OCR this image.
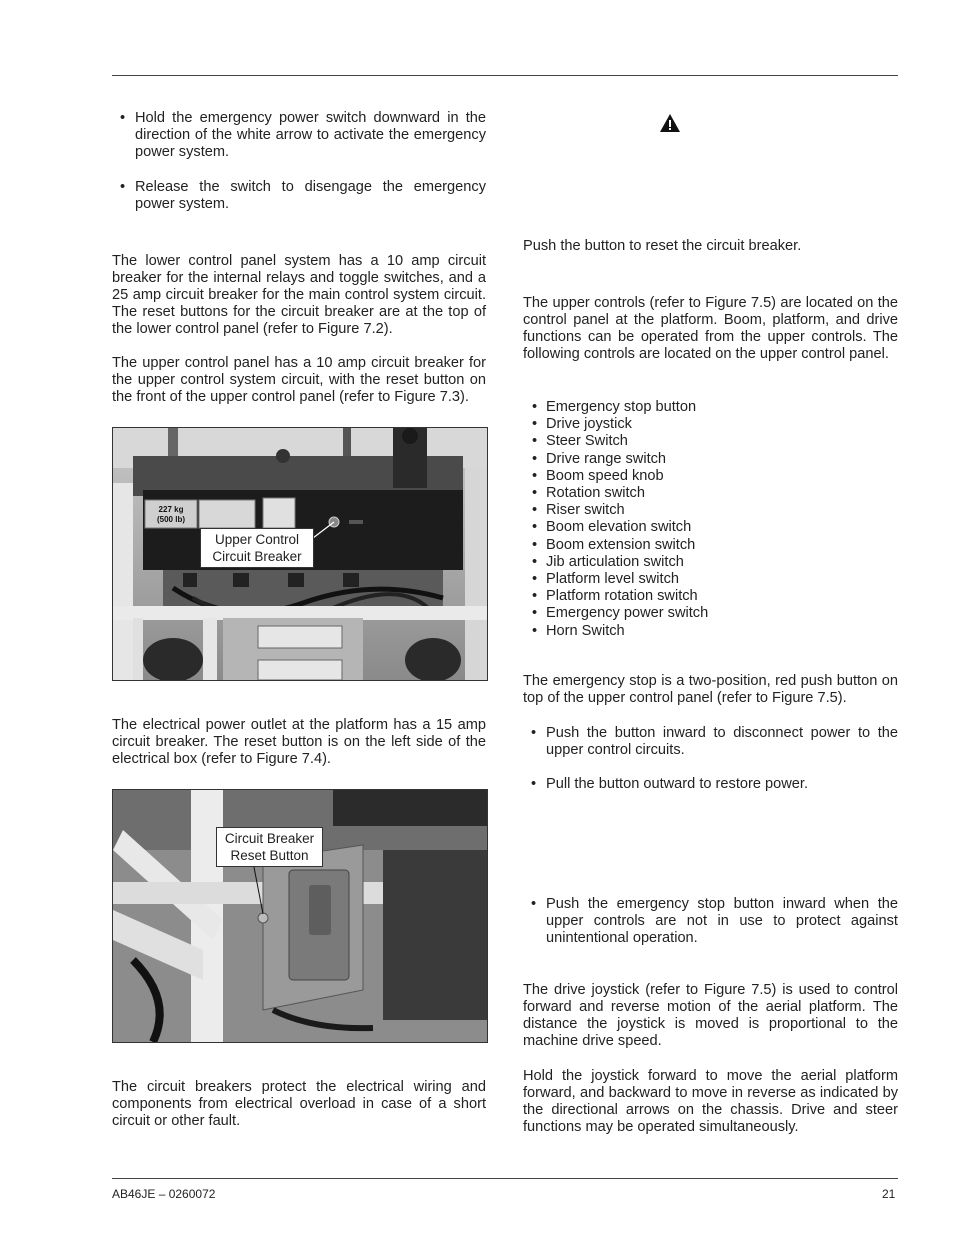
• Hold the emergency power switch downward in the direction of the white arrow to activate the emergency power system.
• Release the switch to disengage the emergency power system.

The lower control panel system has a 10 amp circuit breaker for the internal relays and toggle switches, and a 25 amp circuit breaker for the main control system circuit. The reset buttons for the circuit breaker are at the top of the lower control panel (refer to Figure 7.2).

The upper control panel has a 10 amp circuit breaker for the upper control system circuit, with the reset button on the front of the upper control panel (refer to Figure 7.3).

227 kg
(500 lb)
Upper Control
Circuit Breaker

The electrical power outlet at the platform has a 15 amp circuit breaker. The reset button is on the left side of the electrical box (refer to Figure 7.4).

Circuit Breaker
Reset Button

The circuit breakers protect the electrical wiring and components from electrical overload in case of a short circuit or other fault.

Push the button to reset the circuit breaker.

The upper controls (refer to Figure 7.5) are located on the control panel at the platform. Boom, platform, and drive functions can be operated from the upper controls. The following controls are located on the upper control panel.

• Emergency stop button
• Drive joystick
• Steer Switch
• Drive range switch
• Boom speed knob
• Rotation switch
• Riser switch
• Boom elevation switch
• Boom extension switch
• Jib articulation switch
• Platform level switch
• Platform rotation switch
• Emergency power switch
• Horn Switch

The emergency stop is a two-position, red push button on top of the upper control panel (refer to Figure 7.5).

• Push the button inward to disconnect power to the upper control circuits.
• Pull the button outward to restore power.
• Push the emergency stop button inward when the upper controls are not in use to protect against unintentional operation.

The drive joystick (refer to Figure 7.5) is used to control forward and reverse motion of the aerial platform. The distance the joystick is moved is proportional to the machine drive speed.

Hold the joystick forward to move the aerial platform forward, and backward to move in reverse as indicated by the directional arrows on the chassis. Drive and steer functions may be operated simultaneously.

AB46JE – 0260072	21
